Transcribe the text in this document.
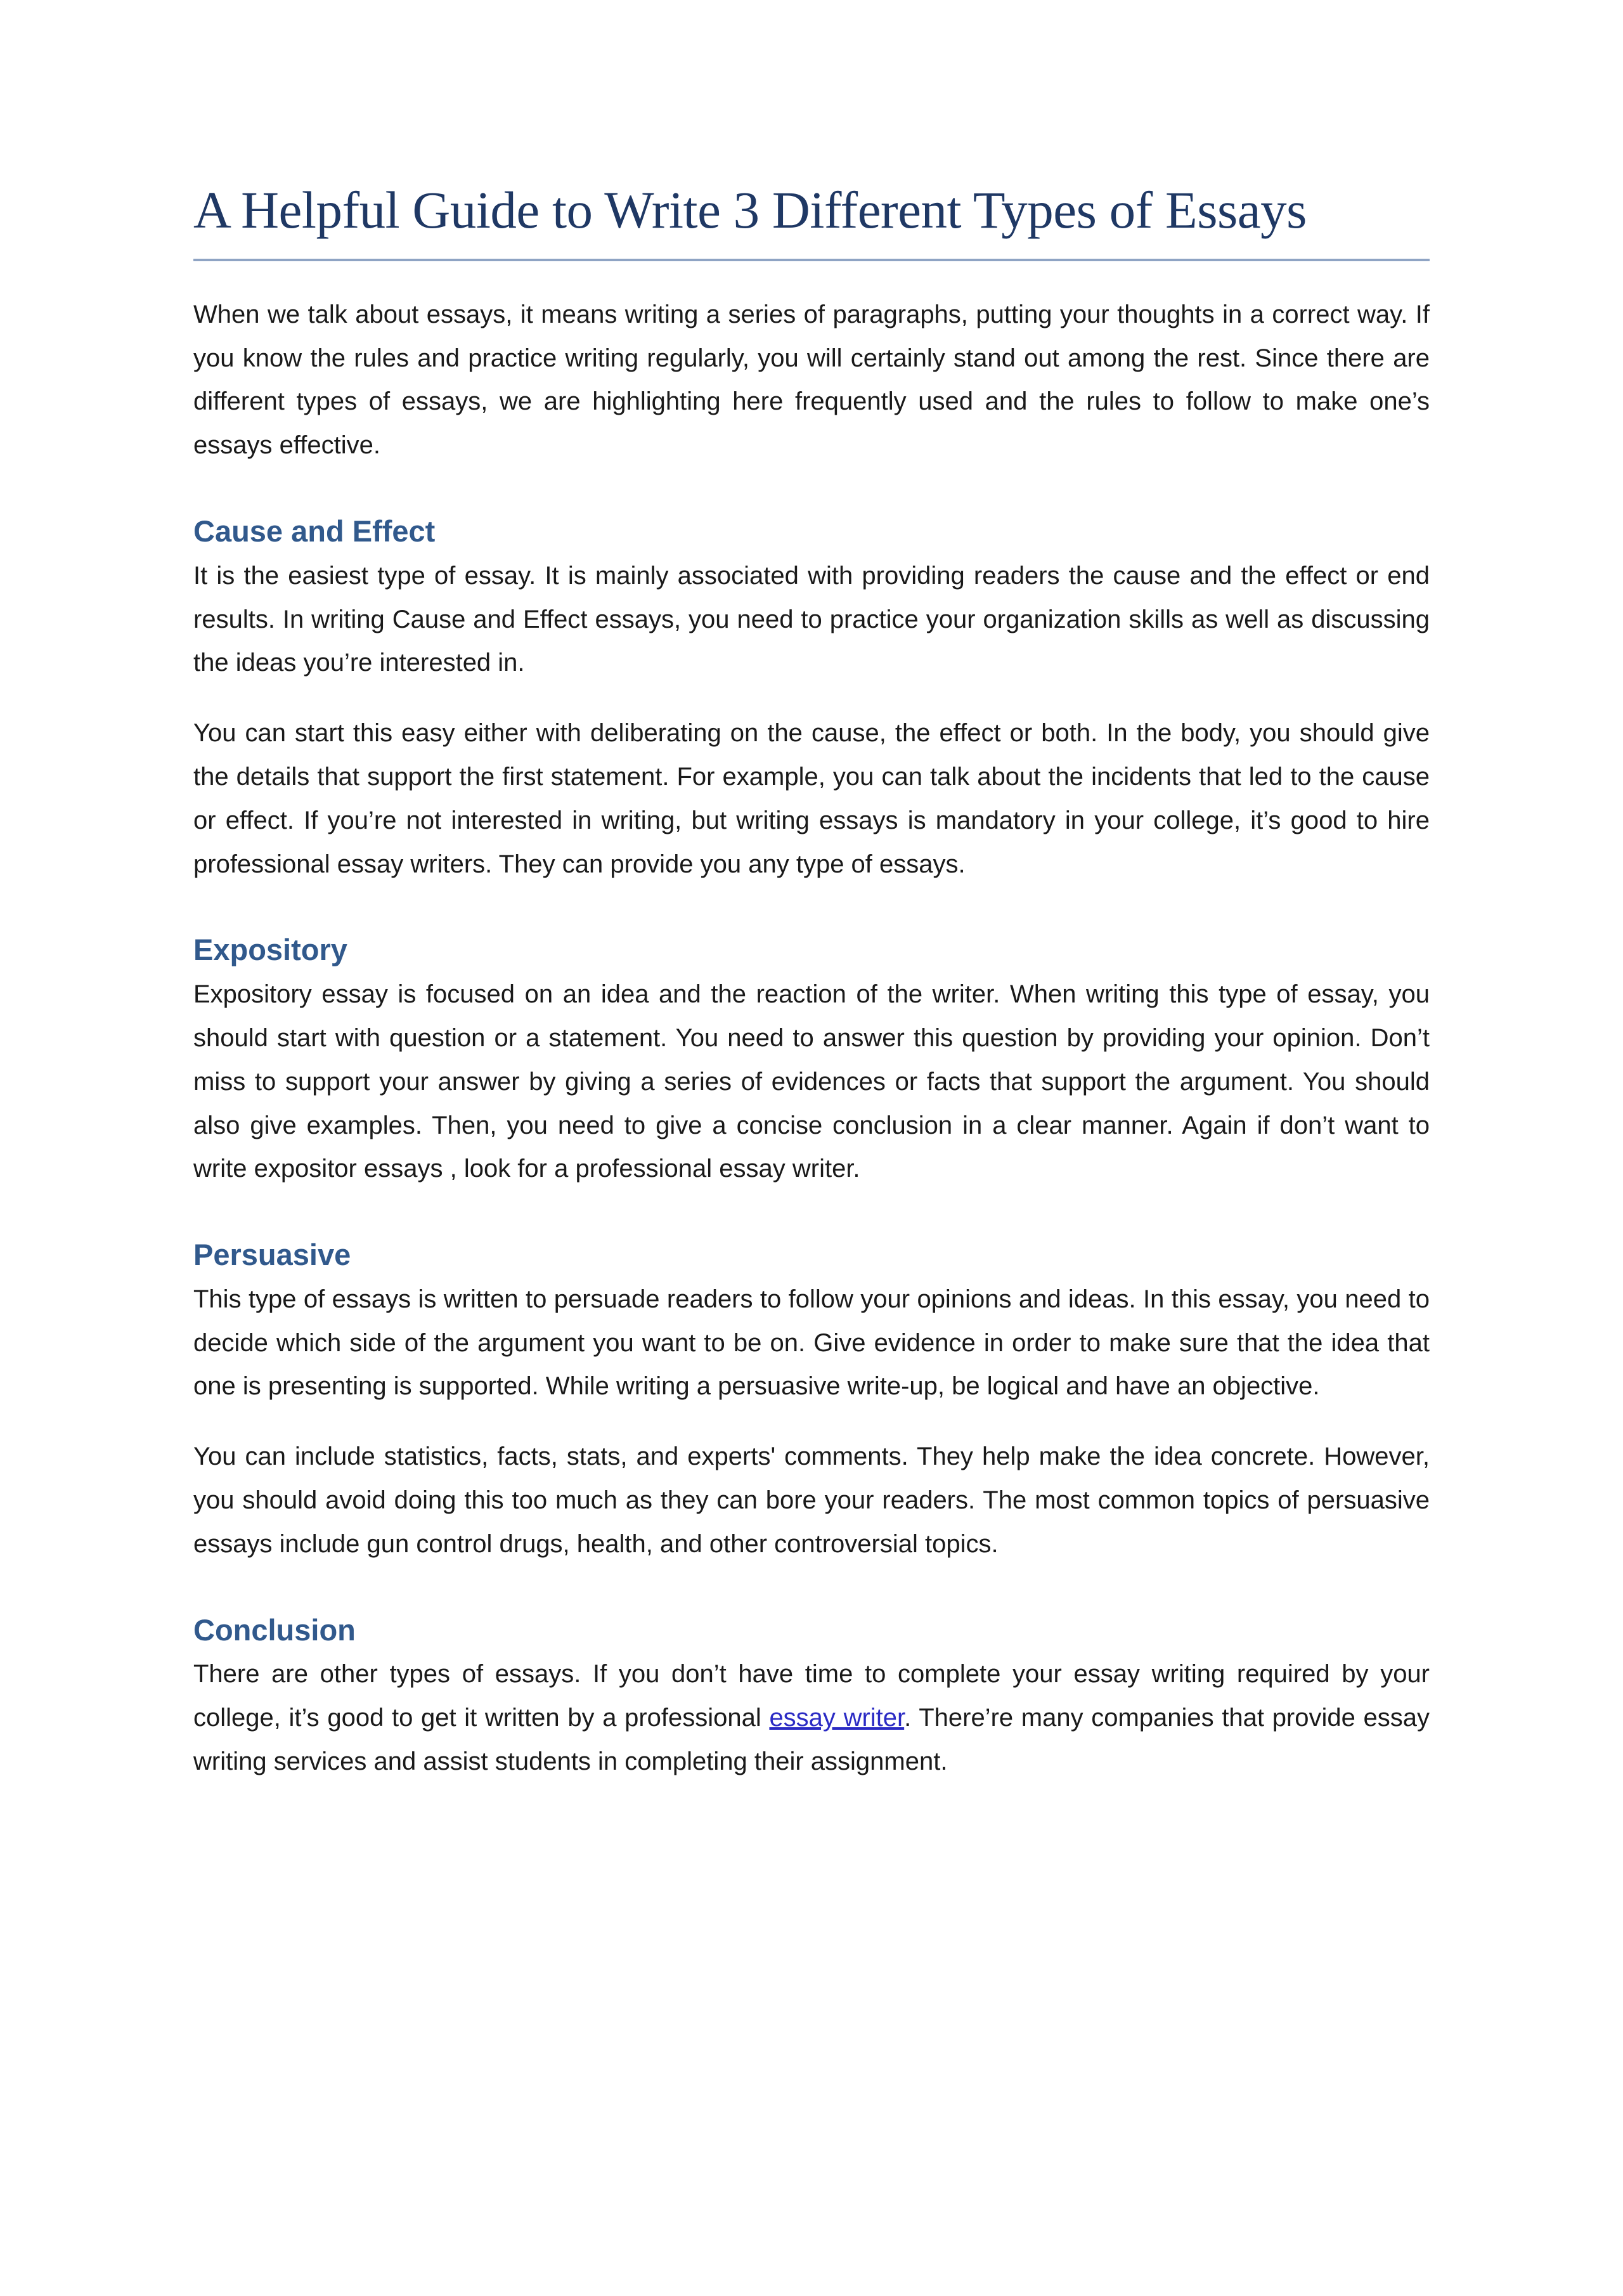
A Helpful Guide to Write 3 Different Types of Essays

When we talk about essays, it means writing a series of paragraphs, putting your thoughts in a correct way. If you know the rules and practice writing regularly, you will certainly stand out among the rest. Since there are different types of essays, we are highlighting here frequently used and the rules to follow to make one’s essays effective.

Cause and Effect

It is the easiest type of essay. It is mainly associated with providing readers the cause and the effect or end results. In writing Cause and Effect essays, you need to practice your organization skills as well as discussing the ideas you’re interested in.

You can start this easy either with deliberating on the cause, the effect or both. In the body, you should give the details that support the first statement. For example, you can talk about the incidents that led to the cause or effect. If you’re not interested in writing, but writing essays is mandatory in your college, it’s good to hire professional essay writers. They can provide you any type of essays.

Expository

Expository essay is focused on an idea and the reaction of the writer. When writing this type of essay, you should start with question or a statement. You need to answer this question by providing your opinion. Don’t miss to support your answer by giving a series of evidences or facts that support the argument. You should also give examples. Then, you need to give a concise conclusion in a clear manner. Again if don’t want to write expositor essays , look for a professional essay writer.

Persuasive

This type of essays is written to persuade readers to follow your opinions and ideas. In this essay, you need to decide which side of the argument you want to be on. Give evidence in order to make sure that the idea that one is presenting is supported. While writing a persuasive write-up, be logical and have an objective.

You can include statistics, facts, stats, and experts' comments. They help make the idea concrete. However, you should avoid doing this too much as they can bore your readers. The most common topics of persuasive essays include gun control drugs, health, and other controversial topics.

Conclusion

There are other types of essays. If you don’t have time to complete your essay writing required by your college, it’s good to get it written by a professional essay writer. There’re many companies that provide essay writing services and assist students in completing their assignment.
